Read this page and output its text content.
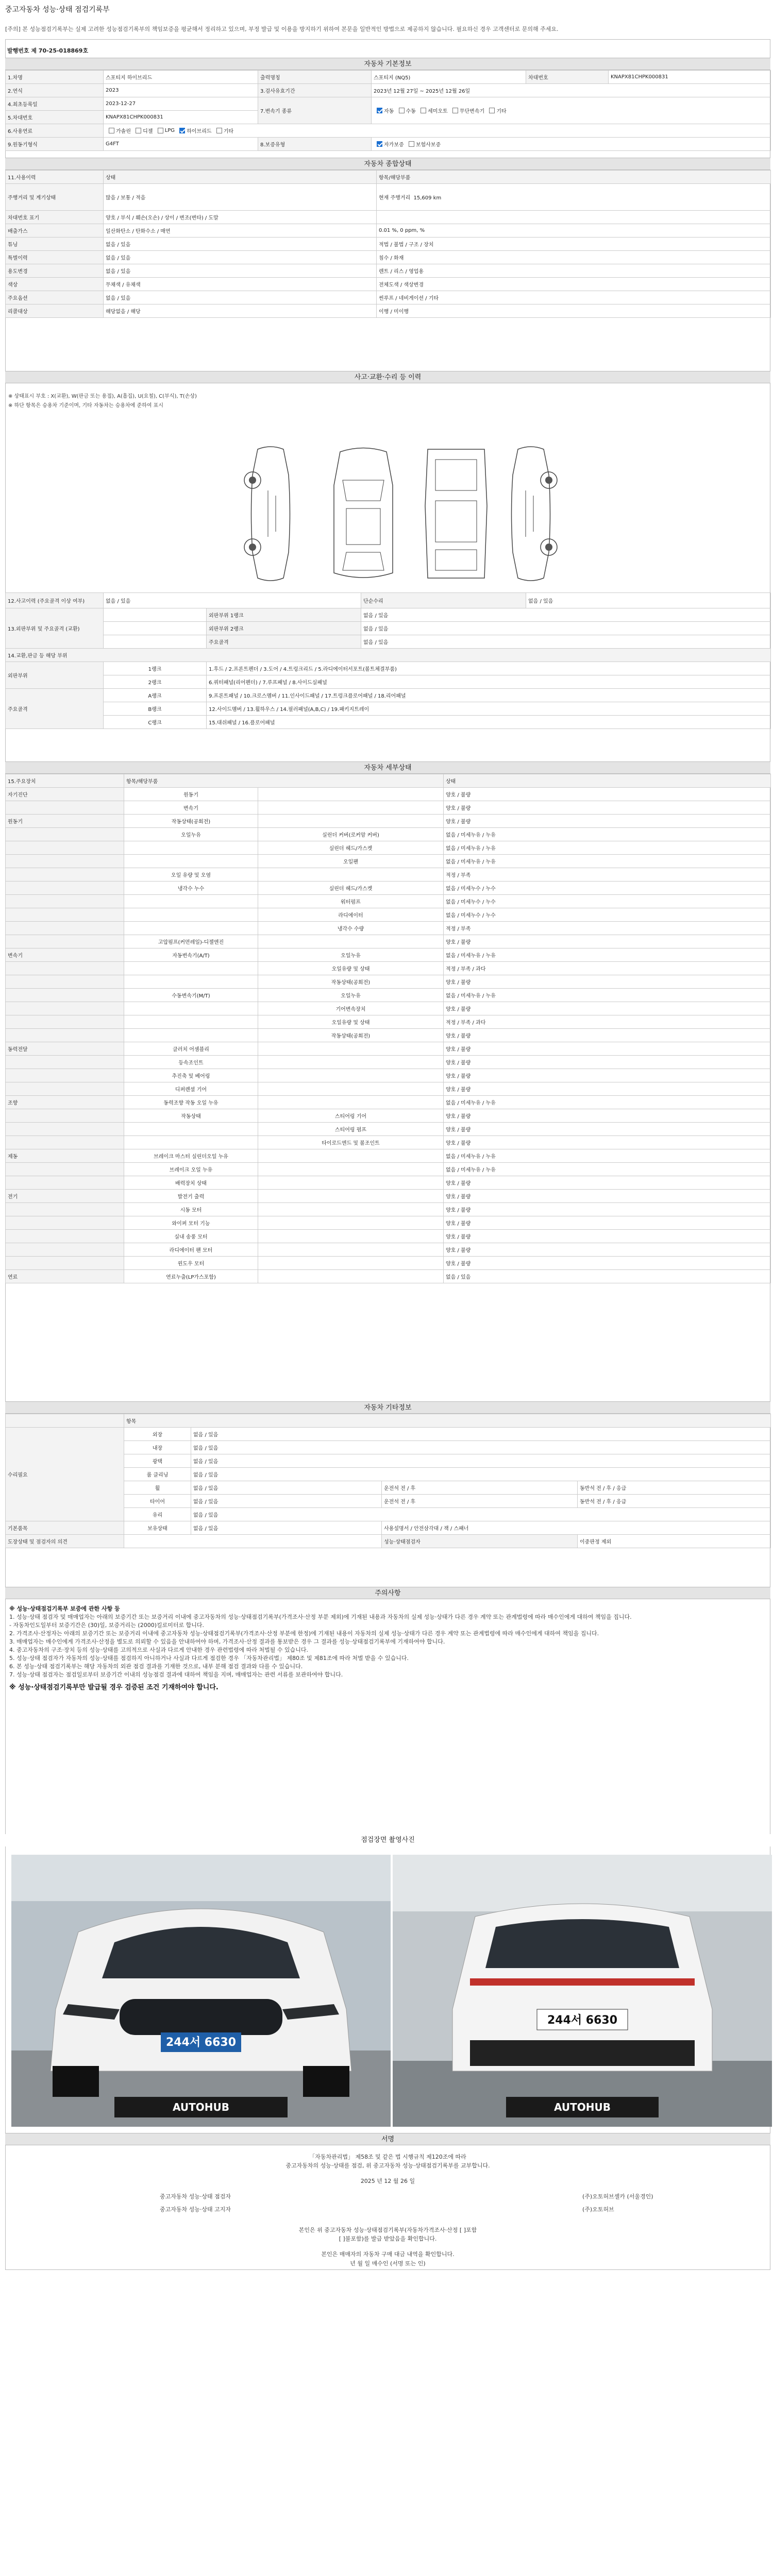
중고자동차 성능·상태 점검기록부
[주의] 본 성능점검기록부는 실제 고려한 성능점검기록부의 책임보증을 평균해서 정리하고 있으며, 부정 발급 및 이용을 방지하기 위하여 본문을 일반적인 방법으로 제공하지 않습니다. 필요하신 경우 고객센터로 문의해 주세요.
발행번호 제 70-25-018869호
자동차 기본정보
1.차명	스포티지 하이브리드	출력명칭	스포티지 (NQ5)	차대번호	KNAPX81CHPK000831
2.연식	2023	3.검사유효기간	2023년 12월 27일 ~ 2025년 12월 26일		
4.최초등록일	2023-12-27	7.변속기 종류	자동 수동 세미오토 무단변속기 기타		
5.차대번호	KNAPX81CHPK000831				
6.사용연료	가솔린 디젤 LPG 하이브리드 기타				
9.원동기형식	G4FT	8.보증유형	자가보증 보험사보증		
자동차 종합상태
11.사용이력	상태	항목/해당부품
주행거리 및 계기상태	많음 / 보통 / 적음	현재 주행거리 15,609 km
차대번호 표기	양호 / 부식 / 훼손(오손) / 상이 / 변조(변타) / 도말	
배출가스	일산화탄소 / 탄화수소 / 매연	0.01 %, 0 ppm, %
튜닝	없음 / 있음	적법 / 불법 / 구조 / 장치
특별이력	없음 / 있음	침수 / 화재
용도변경	없음 / 있음	렌트 / 리스 / 영업용
색상	무채색 / 유채색	전체도색 / 색상변경
주요옵션	없음 / 있음	썬루프 / 네비게이션 / 기타
리콜대상	해당없음 / 해당	이행 / 미이행
사고·교환·수리 등 이력
※ 상태표시 부호 : X(교환), W(판금 또는 용접), A(흠집), U(요철), C(부식), T(손상)
※ 하단 항목은 승용차 기준이며, 기타 자동차는 승용차에 준하여 표시
12.사고이력 (주요골격 이상 여부)	없음 / 있음		단순수리	없음 / 있음
13.외판부위 및 주요골격 (교환)		외판부위 1랭크	없음 / 있음	
		외판부위 2랭크	없음 / 있음	
		주요골격	없음 / 있음	
14.교환,판금 등 해당 부위				
외판부위	1랭크	1.후드 / 2.프론트펜더 / 3.도어 / 4.트렁크리드 / 5.라디에이터서포트(볼트체결부품)		
	2랭크	6.쿼터패널(리어펜더) / 7.루프패널 / 8.사이드실패널		
주요골격	A랭크	9.프론트패널 / 10.크로스멤버 / 11.인사이드패널 / 17.트렁크플로어패널 / 18.리어패널		
	B랭크	12.사이드멤버 / 13.휠하우스 / 14.필러패널(A,B,C) / 19.패키지트레이		
	C랭크	15.대쉬패널 / 16.플로어패널		
자동차 세부상태
15.주요장치	항목/해당부품		상태
자기진단	원동기		양호 / 불량
	변속기		양호 / 불량
원동기	작동상태(공회전)		양호 / 불량
	오일누유	실린더 커버(로커암 커버)	없음 / 미세누유 / 누유
		실린더 헤드/가스켓	없음 / 미세누유 / 누유
		오일팬	없음 / 미세누유 / 누유
	오일 유량 및 오염		적정 / 부족
	냉각수 누수	실린더 헤드/가스켓	없음 / 미세누수 / 누수
		워터펌프	없음 / 미세누수 / 누수
		라디에이터	없음 / 미세누수 / 누수
		냉각수 수량	적정 / 부족
	고압펌프(커먼레일)-디젤엔진		양호 / 불량
변속기	자동변속기(A/T)	오일누유	없음 / 미세누유 / 누유
		오일유량 및 상태	적정 / 부족 / 과다
		작동상태(공회전)	양호 / 불량
	수동변속기(M/T)	오일누유	없음 / 미세누유 / 누유
		기어변속장치	양호 / 불량
		오일유량 및 상태	적정 / 부족 / 과다
		작동상태(공회전)	양호 / 불량
동력전달	클러치 어셈블리		양호 / 불량
	등속조인트		양호 / 불량
	추진축 및 베어링		양호 / 불량
	디퍼렌셜 기어		양호 / 불량
조향	동력조향 작동 오일 누유		없음 / 미세누유 / 누유
	작동상태	스티어링 기어	양호 / 불량
		스티어링 펌프	양호 / 불량
		타이로드엔드 및 볼조인트	양호 / 불량
제동	브레이크 마스터 실린더오일 누유		없음 / 미세누유 / 누유
	브레이크 오일 누유		없음 / 미세누유 / 누유
	배력장치 상태		양호 / 불량
전기	발전기 출력		양호 / 불량
	시동 모터		양호 / 불량
	와이퍼 모터 기능		양호 / 불량
	실내 송풍 모터		양호 / 불량
	라디에이터 팬 모터		양호 / 불량
	윈도우 모터		양호 / 불량
연료	연료누출(LP가스포함)		없음 / 있음
자동차 기타정보
	항목			
수리필요	외장	없음 / 있음		
	내장	없음 / 있음		
	광택	없음 / 있음		
	룸 클리닝	없음 / 있음		
	휠	없음 / 있음	운전석 전 / 후	동반석 전 / 후 / 응급
	타이어	없음 / 있음	운전석 전 / 후	동반석 전 / 후 / 응급
	유리	없음 / 있음		
기본품목	보유상태	없음 / 있음	사용설명서 / 안전삼각대 / 잭 / 스패너	
도장상태 및 점검자의 의견			성능·상태점검자	이중판정 제외
주의사항

※ 성능·상태점검기록부 보증에 관한 사항 등

1. 성능·상태 점검자 및 매매업자는 아래의 보증기간 또는 보증거리 이내에 중고자동차의 성능·상태점검기록부(가격조사·산정 부분 제외)에 기재된 내용과 자동차의 실제 성능·상태가 다른 경우 계약 또는 관계법령에 따라 매수인에게 대하여 책임을 집니다.

- 자동차인도일부터 보증기간은 (30)일, 보증거리는 (2000)킬로미터로 합니다.

2. 가격조사·산정자는 아래의 보증기간 또는 보증거리 이내에 중고자동차 성능·상태점검기록부(가격조사·산정 부분에 한정)에 기재된 내용이 자동차의 실제 성능·상태가 다른 경우 계약 또는 관계법령에 따라 매수인에게 대하여 책임을 집니다.

3. 매매업자는 매수인에게 가격조사·산정을 별도로 의뢰할 수 있음을 안내하여야 하며, 가격조사·산정 결과를 통보받은 경우 그 결과를 성능·상태점검기록부에 기재하여야 합니다.

4. 중고자동차의 구조·장치 등의 성능·상태를 고의적으로 사실과 다르게 안내한 경우 관련법령에 따라 처벌될 수 있습니다.

5. 성능·상태 점검자가 자동차의 성능·상태를 점검하지 아니하거나 사실과 다르게 점검한 경우 「자동차관리법」 제80조 및 제81조에 따라 처벌 받을 수 있습니다.

6. 본 성능·상태 점검기록부는 해당 자동차의 외관 점검 결과를 기재한 것으로, 내부 분해 점검 결과와 다를 수 있습니다.

7. 성능·상태 점검자는 점검일로부터 보증기간 이내의 성능점검 결과에 대하여 책임을 지며, 매매업자는 관련 서류를 보관하여야 합니다.

※ 성능·상태점검기록부만 발급될 경우 검증된 조건 기재하여야 합니다.

점검장면 촬영사진
244서 6630
AUTOHUB
244서 6630
AUTOHUB
서명
「자동차관리법」 제58조 및 같은 법 시행규칙 제120조에 따라
중고자동차의 성능·상태를 점검, 위 중고자동차 성능·상태점검기록부를 교부합니다.
2025 년 12 월 26 일
중고자동차 성능·상태 점검자	(주)오토허브셀카 (서울경인)
중고자동차 성능·상태 고지자	(주)오토허브
본인은 위 중고자동차 성능·상태점검기록부(자동차가격조사·산정 [ ]포함
[ ]불포함)를 발급 받았음을 확인합니다.
본인은 매매자의 자동차 구매 대금 내역을 확인합니다.
년 월 일 매수인 (서명 또는 인)
